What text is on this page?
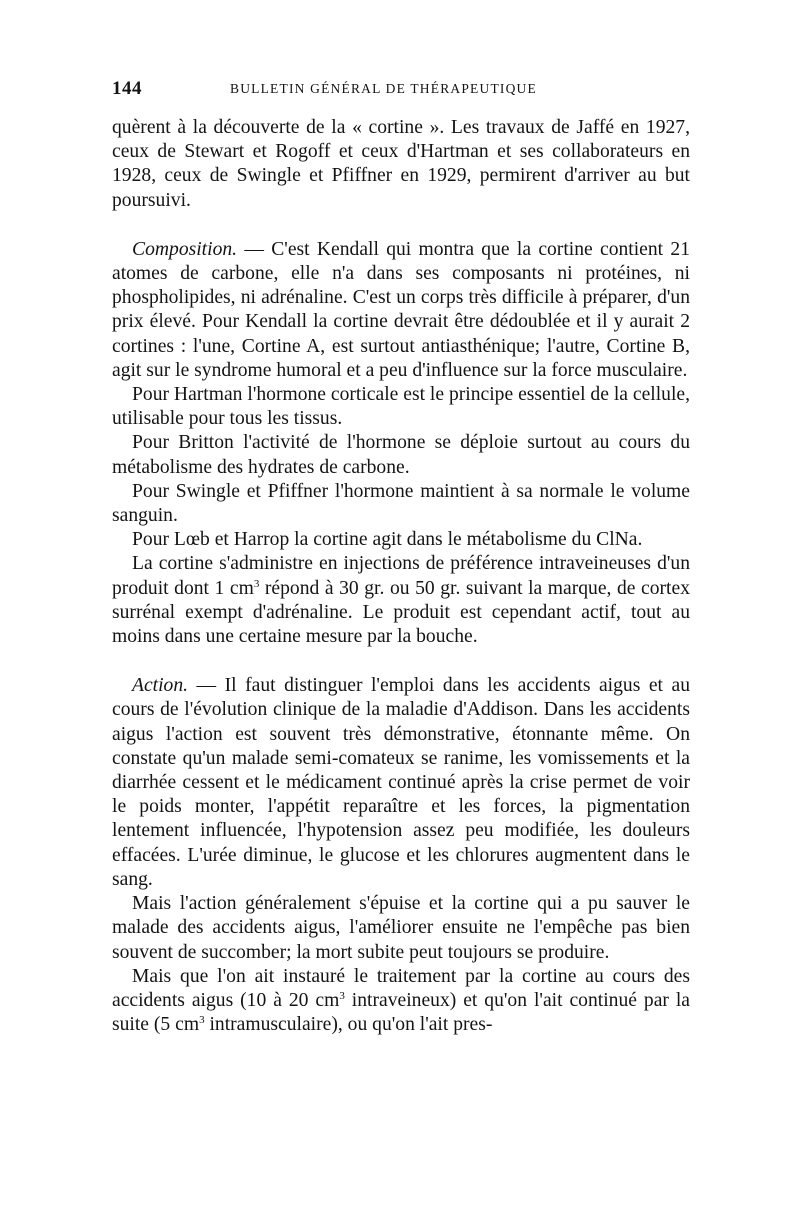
144	BULLETIN GÉNÉRAL DE THÉRAPEUTIQUE

quèrent à la découverte de la « cortine ». Les travaux de Jaffé en 1927, ceux de Stewart et Rogoff et ceux d'Hartman et ses collaborateurs en 1928, ceux de Swingle et Pfiffner en 1929, permirent d'arriver au but poursuivi.

Composition. — C'est Kendall qui montra que la cortine contient 21 atomes de carbone, elle n'a dans ses composants ni protéines, ni phospholipides, ni adrénaline. C'est un corps très difficile à préparer, d'un prix élevé. Pour Kendall la cortine devrait être dédoublée et il y aurait 2 cortines : l'une, Cortine A, est surtout antiasthénique; l'autre, Cortine B, agit sur le syndrome humoral et a peu d'influence sur la force musculaire.

Pour Hartman l'hormone corticale est le principe essentiel de la cellule, utilisable pour tous les tissus.

Pour Britton l'activité de l'hormone se déploie surtout au cours du métabolisme des hydrates de carbone.

Pour Swingle et Pfiffner l'hormone maintient à sa normale le volume sanguin.

Pour Lœb et Harrop la cortine agit dans le métabolisme du ClNa.

La cortine s'administre en injections de préférence intraveineuses d'un produit dont 1 $cm^3$ répond à 30 gr. ou 50 gr. suivant la marque, de cortex surrénal exempt d'adrénaline. Le produit est cependant actif, tout au moins dans une certaine mesure par la bouche.

Action. — Il faut distinguer l'emploi dans les accidents aigus et au cours de l'évolution clinique de la maladie d'Addison. Dans les accidents aigus l'action est souvent très démonstrative, étonnante même. On constate qu'un malade semi-comateux se ranime, les vomissements et la diarrhée cessent et le médicament continué après la crise permet de voir le poids monter, l'appétit reparaître et les forces, la pigmentation lentement influencée, l'hypotension assez peu modifiée, les douleurs effacées. L'urée diminue, le glucose et les chlorures augmentent dans le sang.

Mais l'action généralement s'épuise et la cortine qui a pu sauver le malade des accidents aigus, l'améliorer ensuite ne l'empêche pas bien souvent de succomber; la mort subite peut toujours se produire.

Mais que l'on ait instauré le traitement par la cortine au cours des accidents aigus (10 à 20 $cm^3$ intraveineux) et qu'on l'ait continué par la suite (5 $cm^3$ intramusculaire), ou qu'on l'ait pres-
